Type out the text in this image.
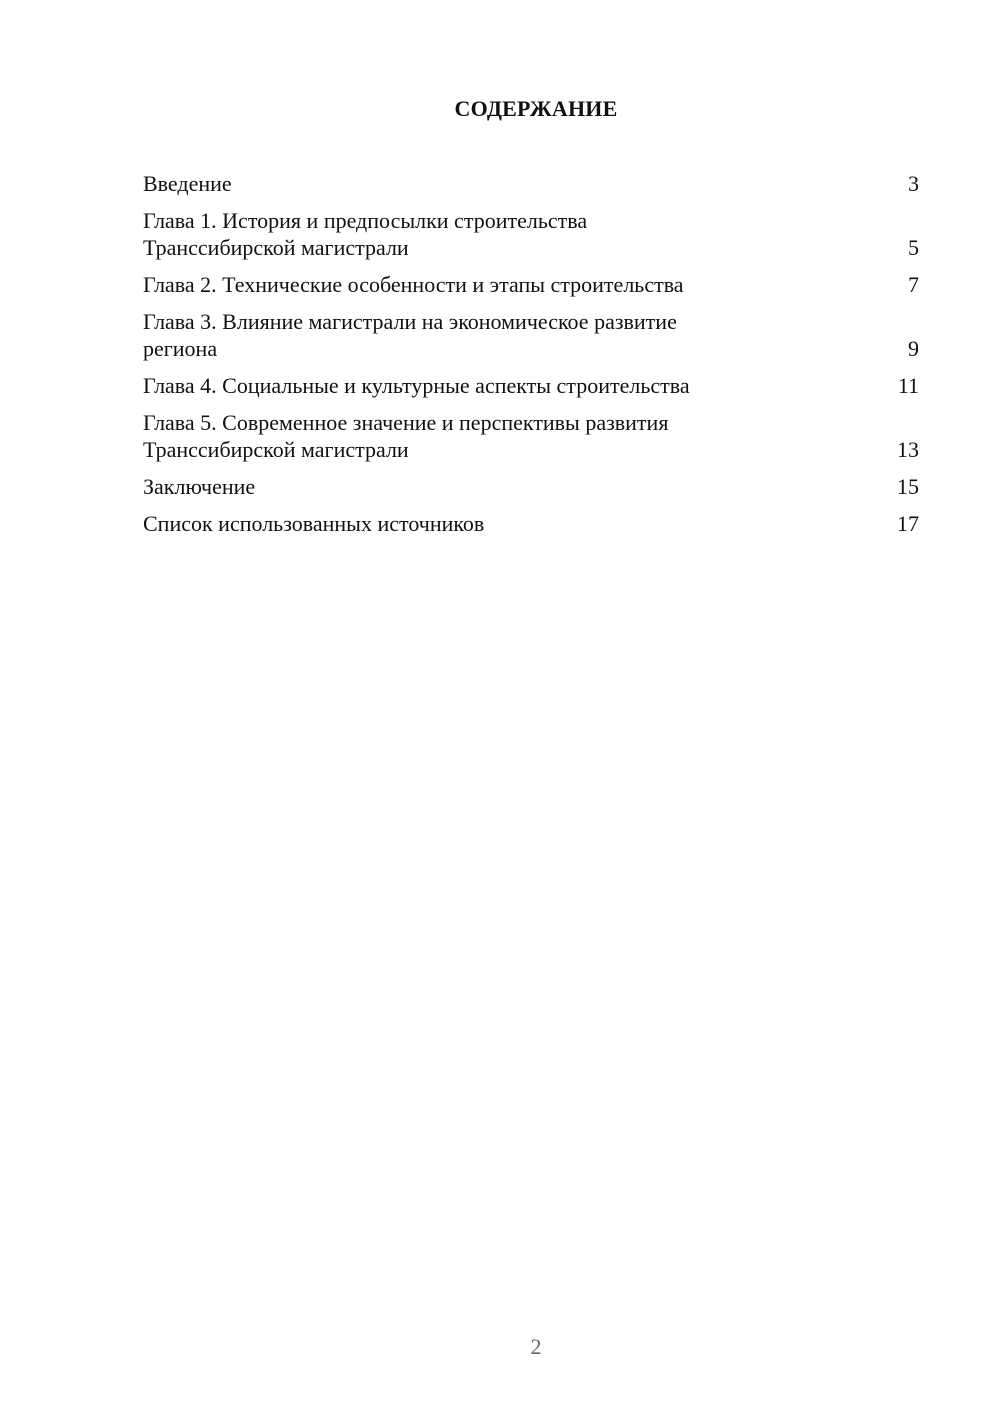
СОДЕРЖАНИЕ
Введение	3
Глава 1. История и предпосылки строительства
Транссибирской магистрали	5
Глава 2. Технические особенности и этапы строительства	7
Глава 3. Влияние магистрали на экономическое развитие
региона	9
Глава 4. Социальные и культурные аспекты строительства	11
Глава 5. Современное значение и перспективы развития
Транссибирской магистрали	13
Заключение	15
Список использованных источников	17
2
